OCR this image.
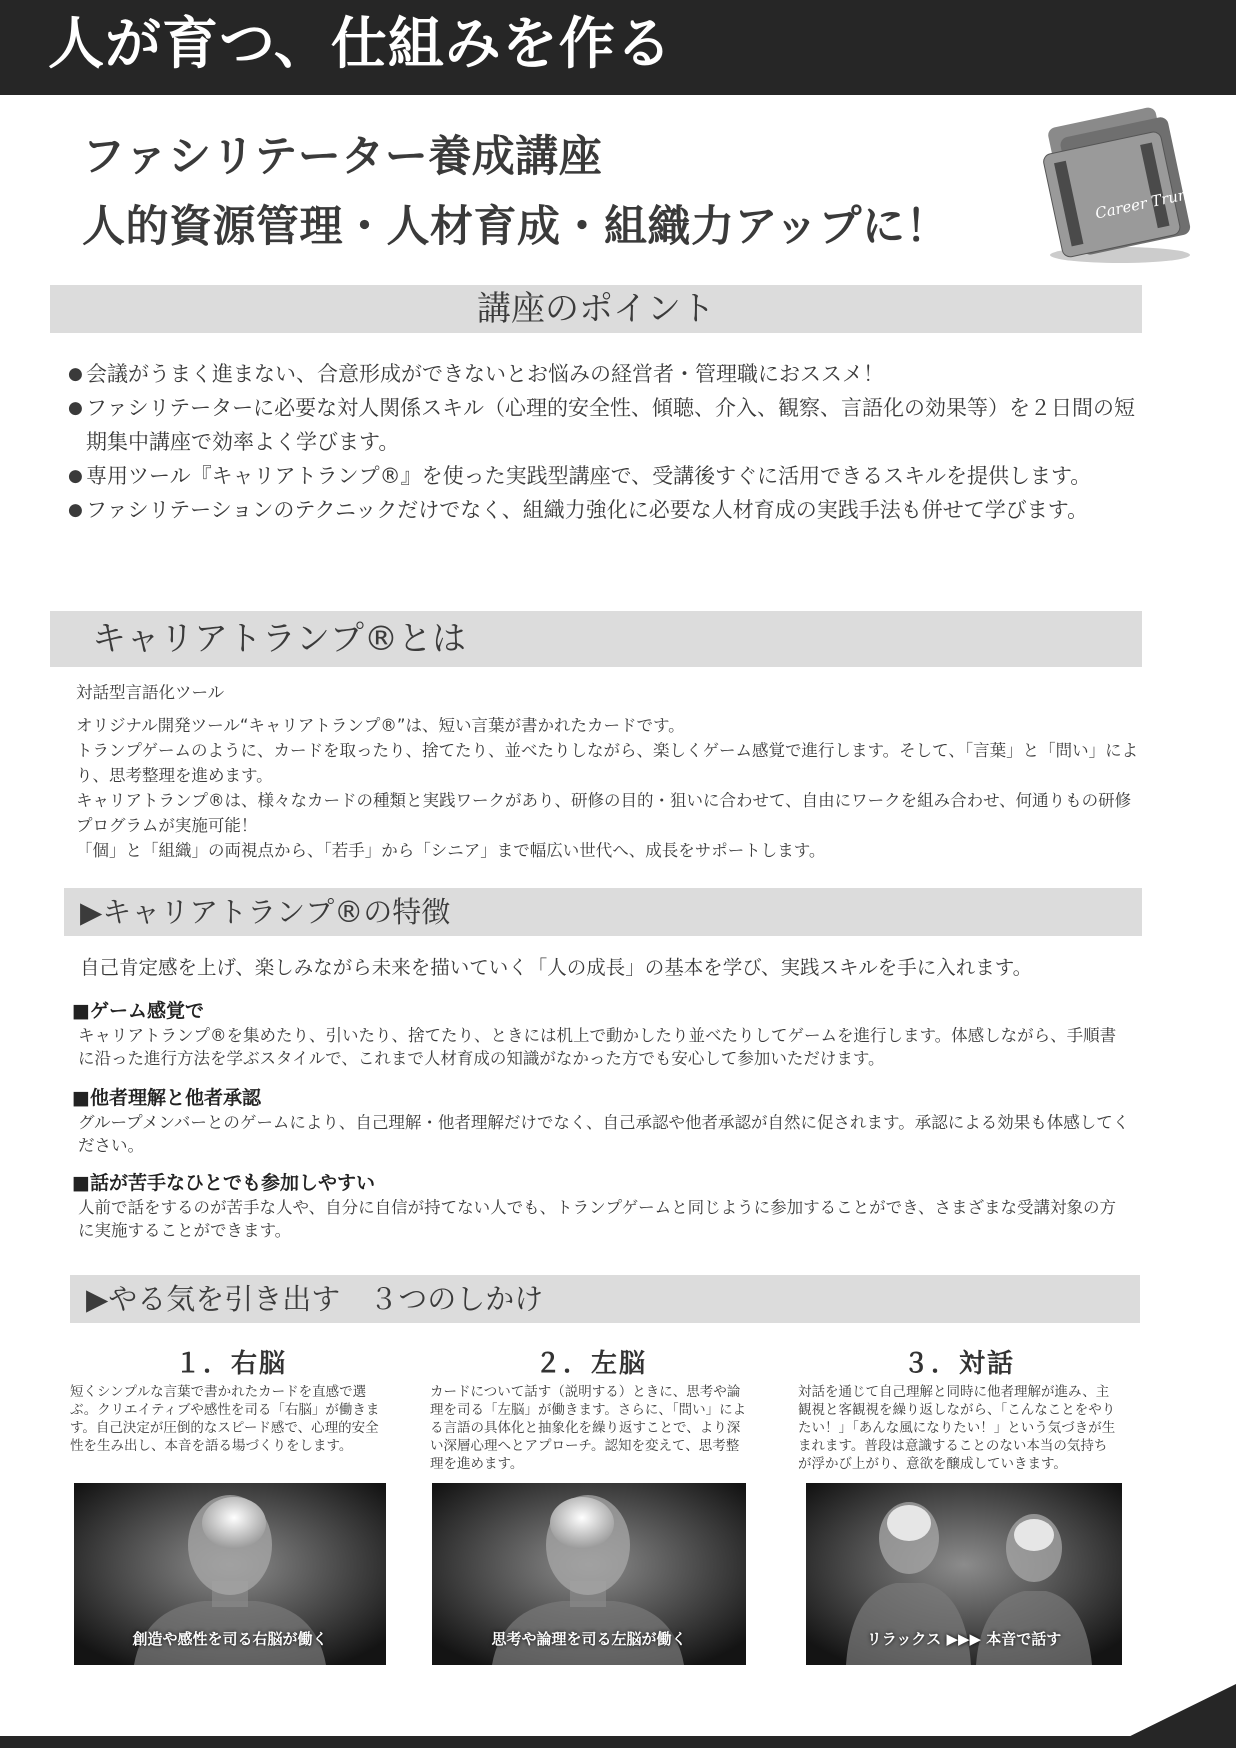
人が育つ、仕組みを作る
ファシリテーター養成講座
人的資源管理・人材育成・組織力アップに！	Career Trump
講座のポイント
● 会議がうまく進まない、合意形成ができないとお悩みの経営者・管理職におススメ！
● ファシリテーターに必要な対人関係スキル（心理的安全性、傾聴、介入、観察、言語化の効果等）を２日間の短期集中講座で効率よく学びます。
● 専用ツール『キャリアトランプ®』を使った実践型講座で、受講後すぐに活用できるスキルを提供します。
● ファシリテーションのテクニックだけでなく、組織力強化に必要な人材育成の実践手法も併せて学びます。
キャリアトランプ®とは
対話型言語化ツール
オリジナル開発ツール“キャリアトランプ®”は、短い言葉が書かれたカードです。
トランプゲームのように、カードを取ったり、捨てたり、並べたりしながら、楽しくゲーム感覚で進行します。そして、「言葉」と「問い」により、思考整理を進めます。
キャリアトランプ®は、様々なカードの種類と実践ワークがあり、研修の目的・狙いに合わせて、自由にワークを組み合わせ、何通りもの研修プログラムが実施可能！
「個」と「組織」の両視点から、「若手」から「シニア」まで幅広い世代へ、成長をサポートします。
▶キャリアトランプ®の特徴
自己肯定感を上げ、楽しみながら未来を描いていく「人の成長」の基本を学び、実践スキルを手に入れます。
■ゲーム感覚で
キャリアトランプ®を集めたり、引いたり、捨てたり、ときには机上で動かしたり並べたりしてゲームを進行します。体感しながら、手順書に沿った進行方法を学ぶスタイルで、これまで人材育成の知識がなかった方でも安心して参加いただけます。
■他者理解と他者承認
グループメンバーとのゲームにより、自己理解・他者理解だけでなく、自己承認や他者承認が自然に促されます。承認による効果も体感してください。
■話が苦手なひとでも参加しやすい
人前で話をするのが苦手な人や、自分に自信が持てない人でも、トランプゲームと同じように参加することができ、さまざまな受講対象の方に実施することができます。
▶やる気を引き出す　３つのしかけ
１．右脳
短くシンプルな言葉で書かれたカードを直感で選ぶ。クリエイティブや感性を司る「右脳」が働きます。自己決定が圧倒的なスピード感で、心理的安全性を生み出し、本音を語る場づくりをします。
２．左脳
カードについて話す（説明する）ときに、思考や論理を司る「左脳」が働きます。さらに、「問い」による言語の具体化と抽象化を繰り返すことで、より深い深層心理へとアプローチ。認知を変えて、思考整理を進めます。
３．対話
対話を通じて自己理解と同時に他者理解が進み、主観視と客観視を繰り返しながら、「こんなことをやりたい！」「あんな風になりたい！」という気づきが生まれます。普段は意識することのない本当の気持ちが浮かび上がり、意欲を醸成していきます。
創造や感性を司る右脳が働く	思考や論理を司る左脳が働く	リラックス ▶▶▶ 本音で話す
